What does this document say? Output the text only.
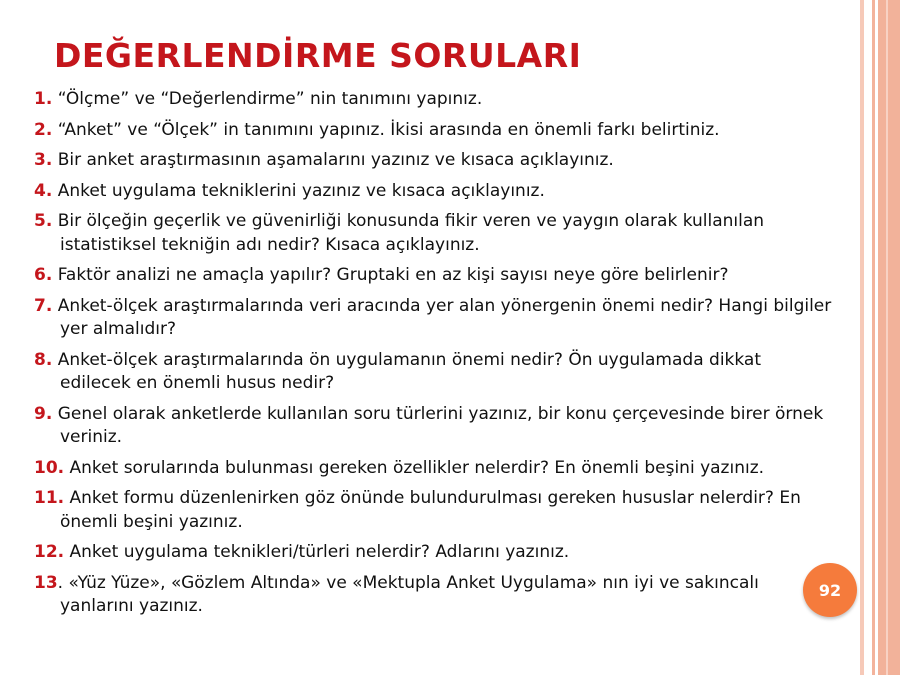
DEĞERLENDİRME SORULARI
1. “Ölçme” ve “Değerlendirme” nin tanımını yapınız.
2. “Anket” ve “Ölçek” in tanımını yapınız. İkisi arasında en önemli farkı belirtiniz.
3. Bir anket araştırmasının aşamalarını yazınız ve kısaca açıklayınız.
4. Anket uygulama tekniklerini yazınız ve kısaca açıklayınız.
5. Bir ölçeğin geçerlik ve güvenirliği konusunda fikir veren ve yaygın olarak kullanılan istatistiksel tekniğin adı nedir? Kısaca açıklayınız.
6. Faktör analizi ne amaçla yapılır? Gruptaki en az kişi sayısı neye göre belirlenir?
7. Anket-ölçek araştırmalarında veri aracında yer alan yönergenin önemi nedir? Hangi bilgiler yer almalıdır?
8. Anket-ölçek araştırmalarında ön uygulamanın önemi nedir? Ön uygulamada dikkat edilecek en önemli husus nedir?
9. Genel olarak anketlerde kullanılan soru türlerini yazınız, bir konu çerçevesinde birer örnek veriniz.
10. Anket sorularında bulunması gereken özellikler nelerdir? En önemli beşini yazınız.
11. Anket formu düzenlenirken göz önünde bulundurulması gereken hususlar nelerdir? En önemli beşini yazınız.
12. Anket uygulama teknikleri/türleri nelerdir? Adlarını yazınız.
13. «Yüz Yüze», «Gözlem Altında» ve «Mektupla Anket Uygulama» nın iyi ve sakıncalı yanlarını yazınız.
92
